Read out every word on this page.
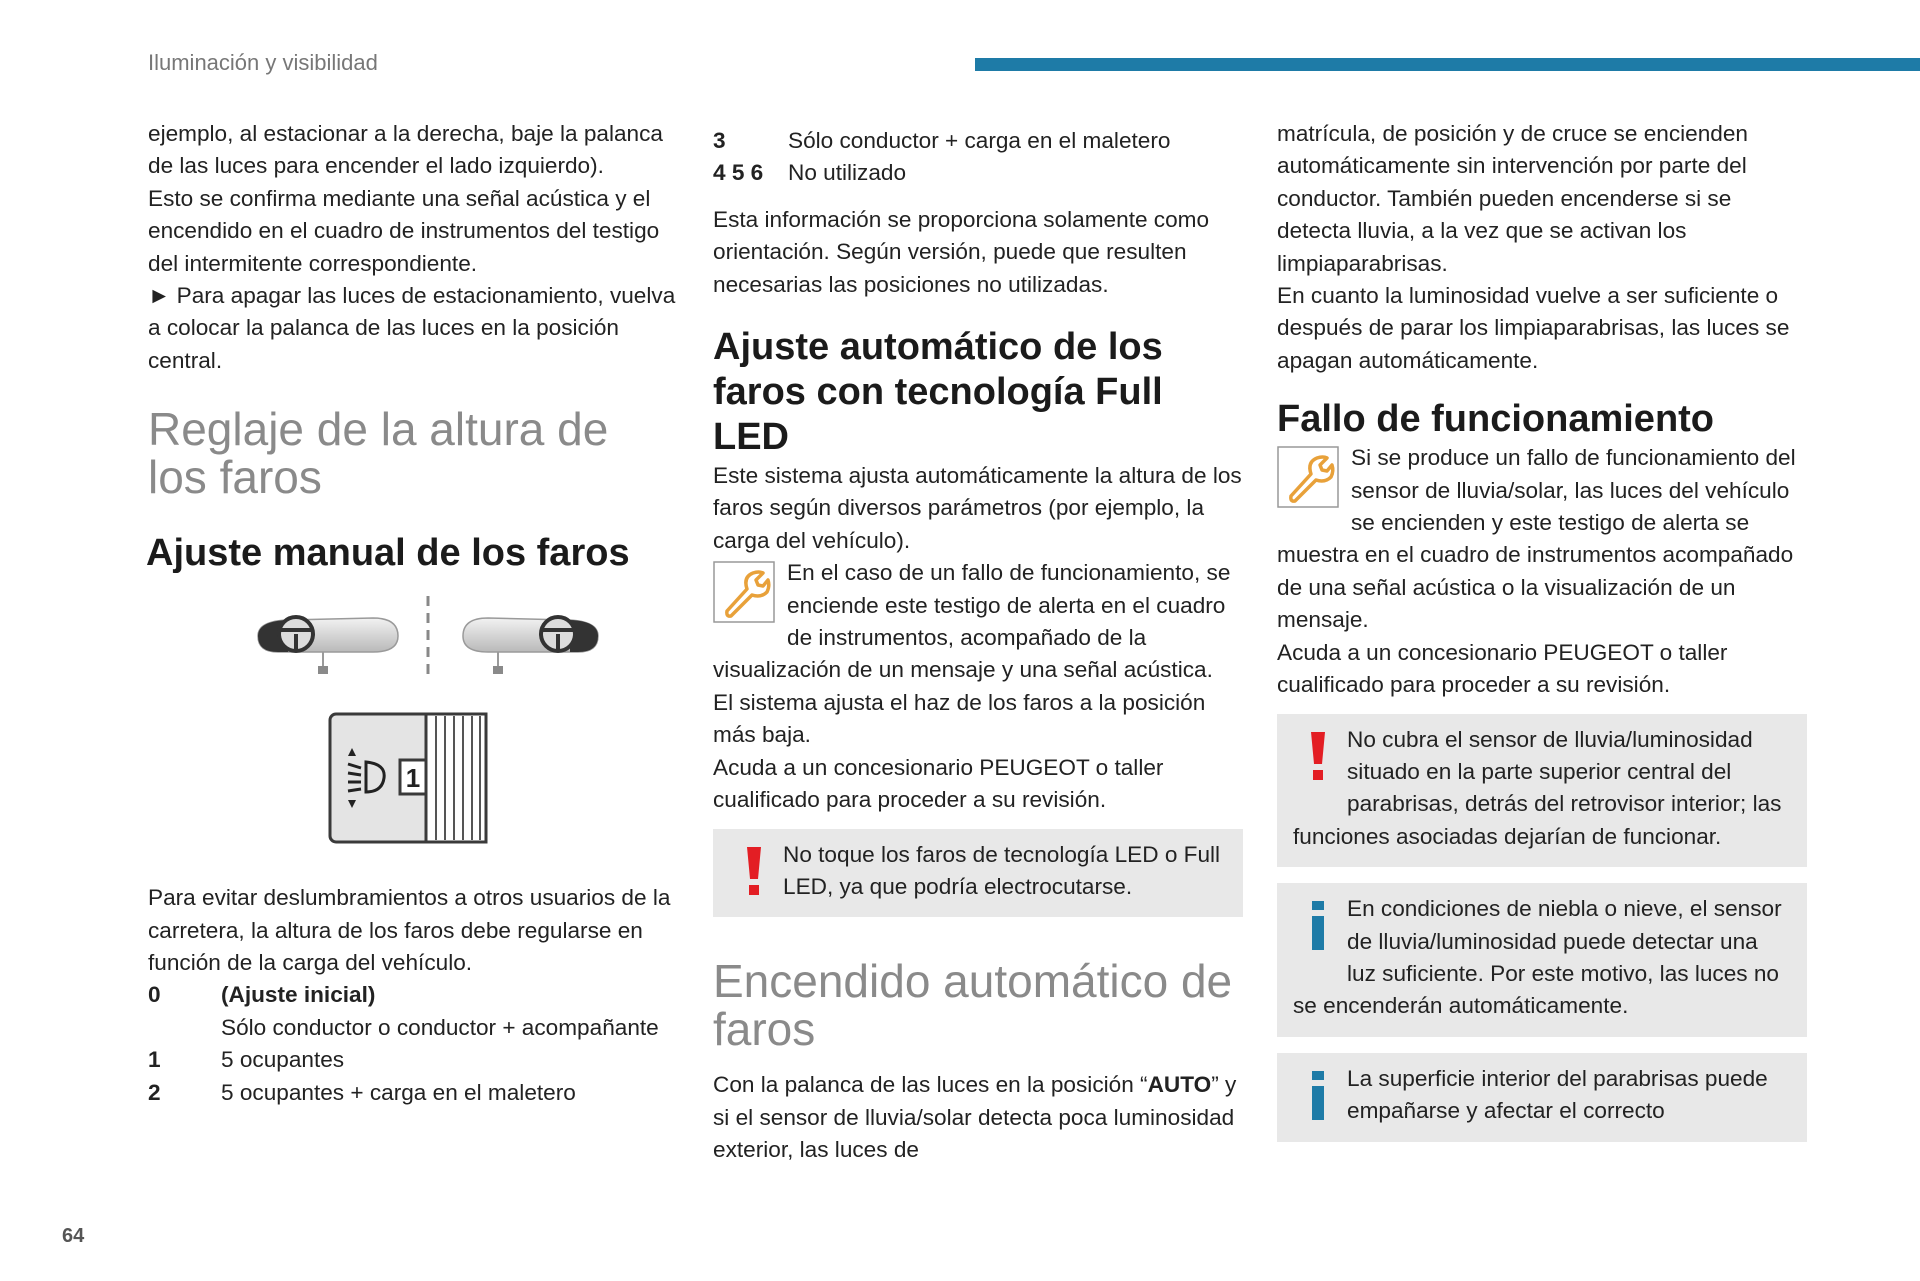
Iluminación y visibilidad

ejemplo, al estacionar a la derecha, baje la palanca de las luces para encender el lado izquierdo).

Esto se confirma mediante una señal acústica y el encendido en el cuadro de instrumentos del testigo del intermitente correspondiente.

► Para apagar las luces de estacionamiento, vuelva a colocar la palanca de las luces en la posición central.

Reglaje de la altura de los faros
Ajuste manual de los faros
1

Para evitar deslumbramientos a otros usuarios de la carretera, la altura de los faros debe regularse en función de la carga del vehículo.

0	(Ajuste inicial)
Sólo conductor o conductor + acompañante
1	5 ocupantes
2	5 ocupantes + carga en el maletero
3	Sólo conductor + carga en el maletero
4 5 6	No utilizado

Esta información se proporciona solamente como orientación. Según versión, puede que resulten necesarias las posiciones no utilizadas.

Ajuste automático de los faros con tecnología Full LED

Este sistema ajusta automáticamente la altura de los faros según diversos parámetros (por ejemplo, la carga del vehículo).

En el caso de un fallo de funcionamiento, se enciende este testigo de alerta en el cuadro de instrumentos, acompañado de la visualización de un mensaje y una señal acústica.

El sistema ajusta el haz de los faros a la posición más baja.

Acuda a un concesionario PEUGEOT o taller cualificado para proceder a su revisión.

No toque los faros de tecnología LED o Full LED, ya que podría electrocutarse.

Encendido automático de faros

Con la palanca de las luces en la posición “AUTO” y si el sensor de lluvia/solar detecta poca luminosidad exterior, las luces de

matrícula, de posición y de cruce se encienden automáticamente sin intervención por parte del conductor. También pueden encenderse si se detecta lluvia, a la vez que se activan los limpiaparabrisas.

En cuanto la luminosidad vuelve a ser suficiente o después de parar los limpiaparabrisas, las luces se apagan automáticamente.

Fallo de funcionamiento

Si se produce un fallo de funcionamiento del sensor de lluvia/solar, las luces del vehículo se encienden y este testigo de alerta se muestra en el cuadro de instrumentos acompañado de una señal acústica o la visualización de un mensaje.

Acuda a un concesionario PEUGEOT o taller cualificado para proceder a su revisión.

No cubra el sensor de lluvia/luminosidad situado en la parte superior central del parabrisas, detrás del retrovisor interior; las funciones asociadas dejarían de funcionar.

En condiciones de niebla o nieve, el sensor de lluvia/luminosidad puede detectar una luz suficiente. Por este motivo, las luces no se encenderán automáticamente.

La superficie interior del parabrisas puede empañarse y afectar el correcto

64
